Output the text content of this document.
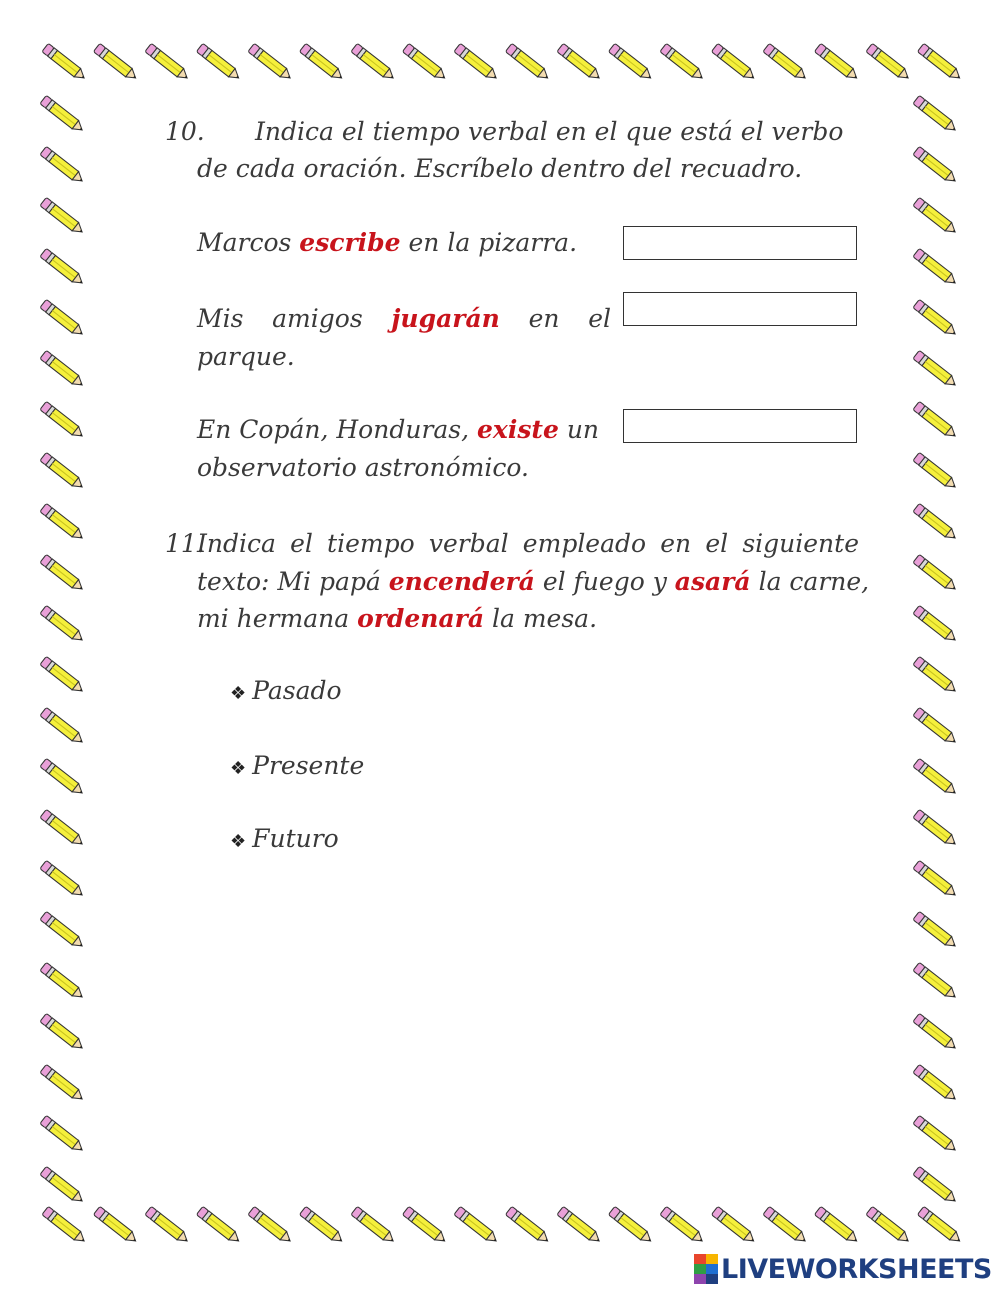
10. Indica el tiempo verbal en el que está el verbo
de cada oración. Escríbelo dentro del recuadro.
Marcos escribe en la pizarra.
Mis amigos jugarán en el
parque.
En Copán, Honduras, existe un
observatorio astronómico.
11.
Indica el tiempo verbal empleado en el siguiente
texto: Mi papá encenderá el fuego y asará la carne,
mi hermana ordenará la mesa.
❖ Pasado
❖ Presente
❖ Futuro
LIVEWORKSHEETS
